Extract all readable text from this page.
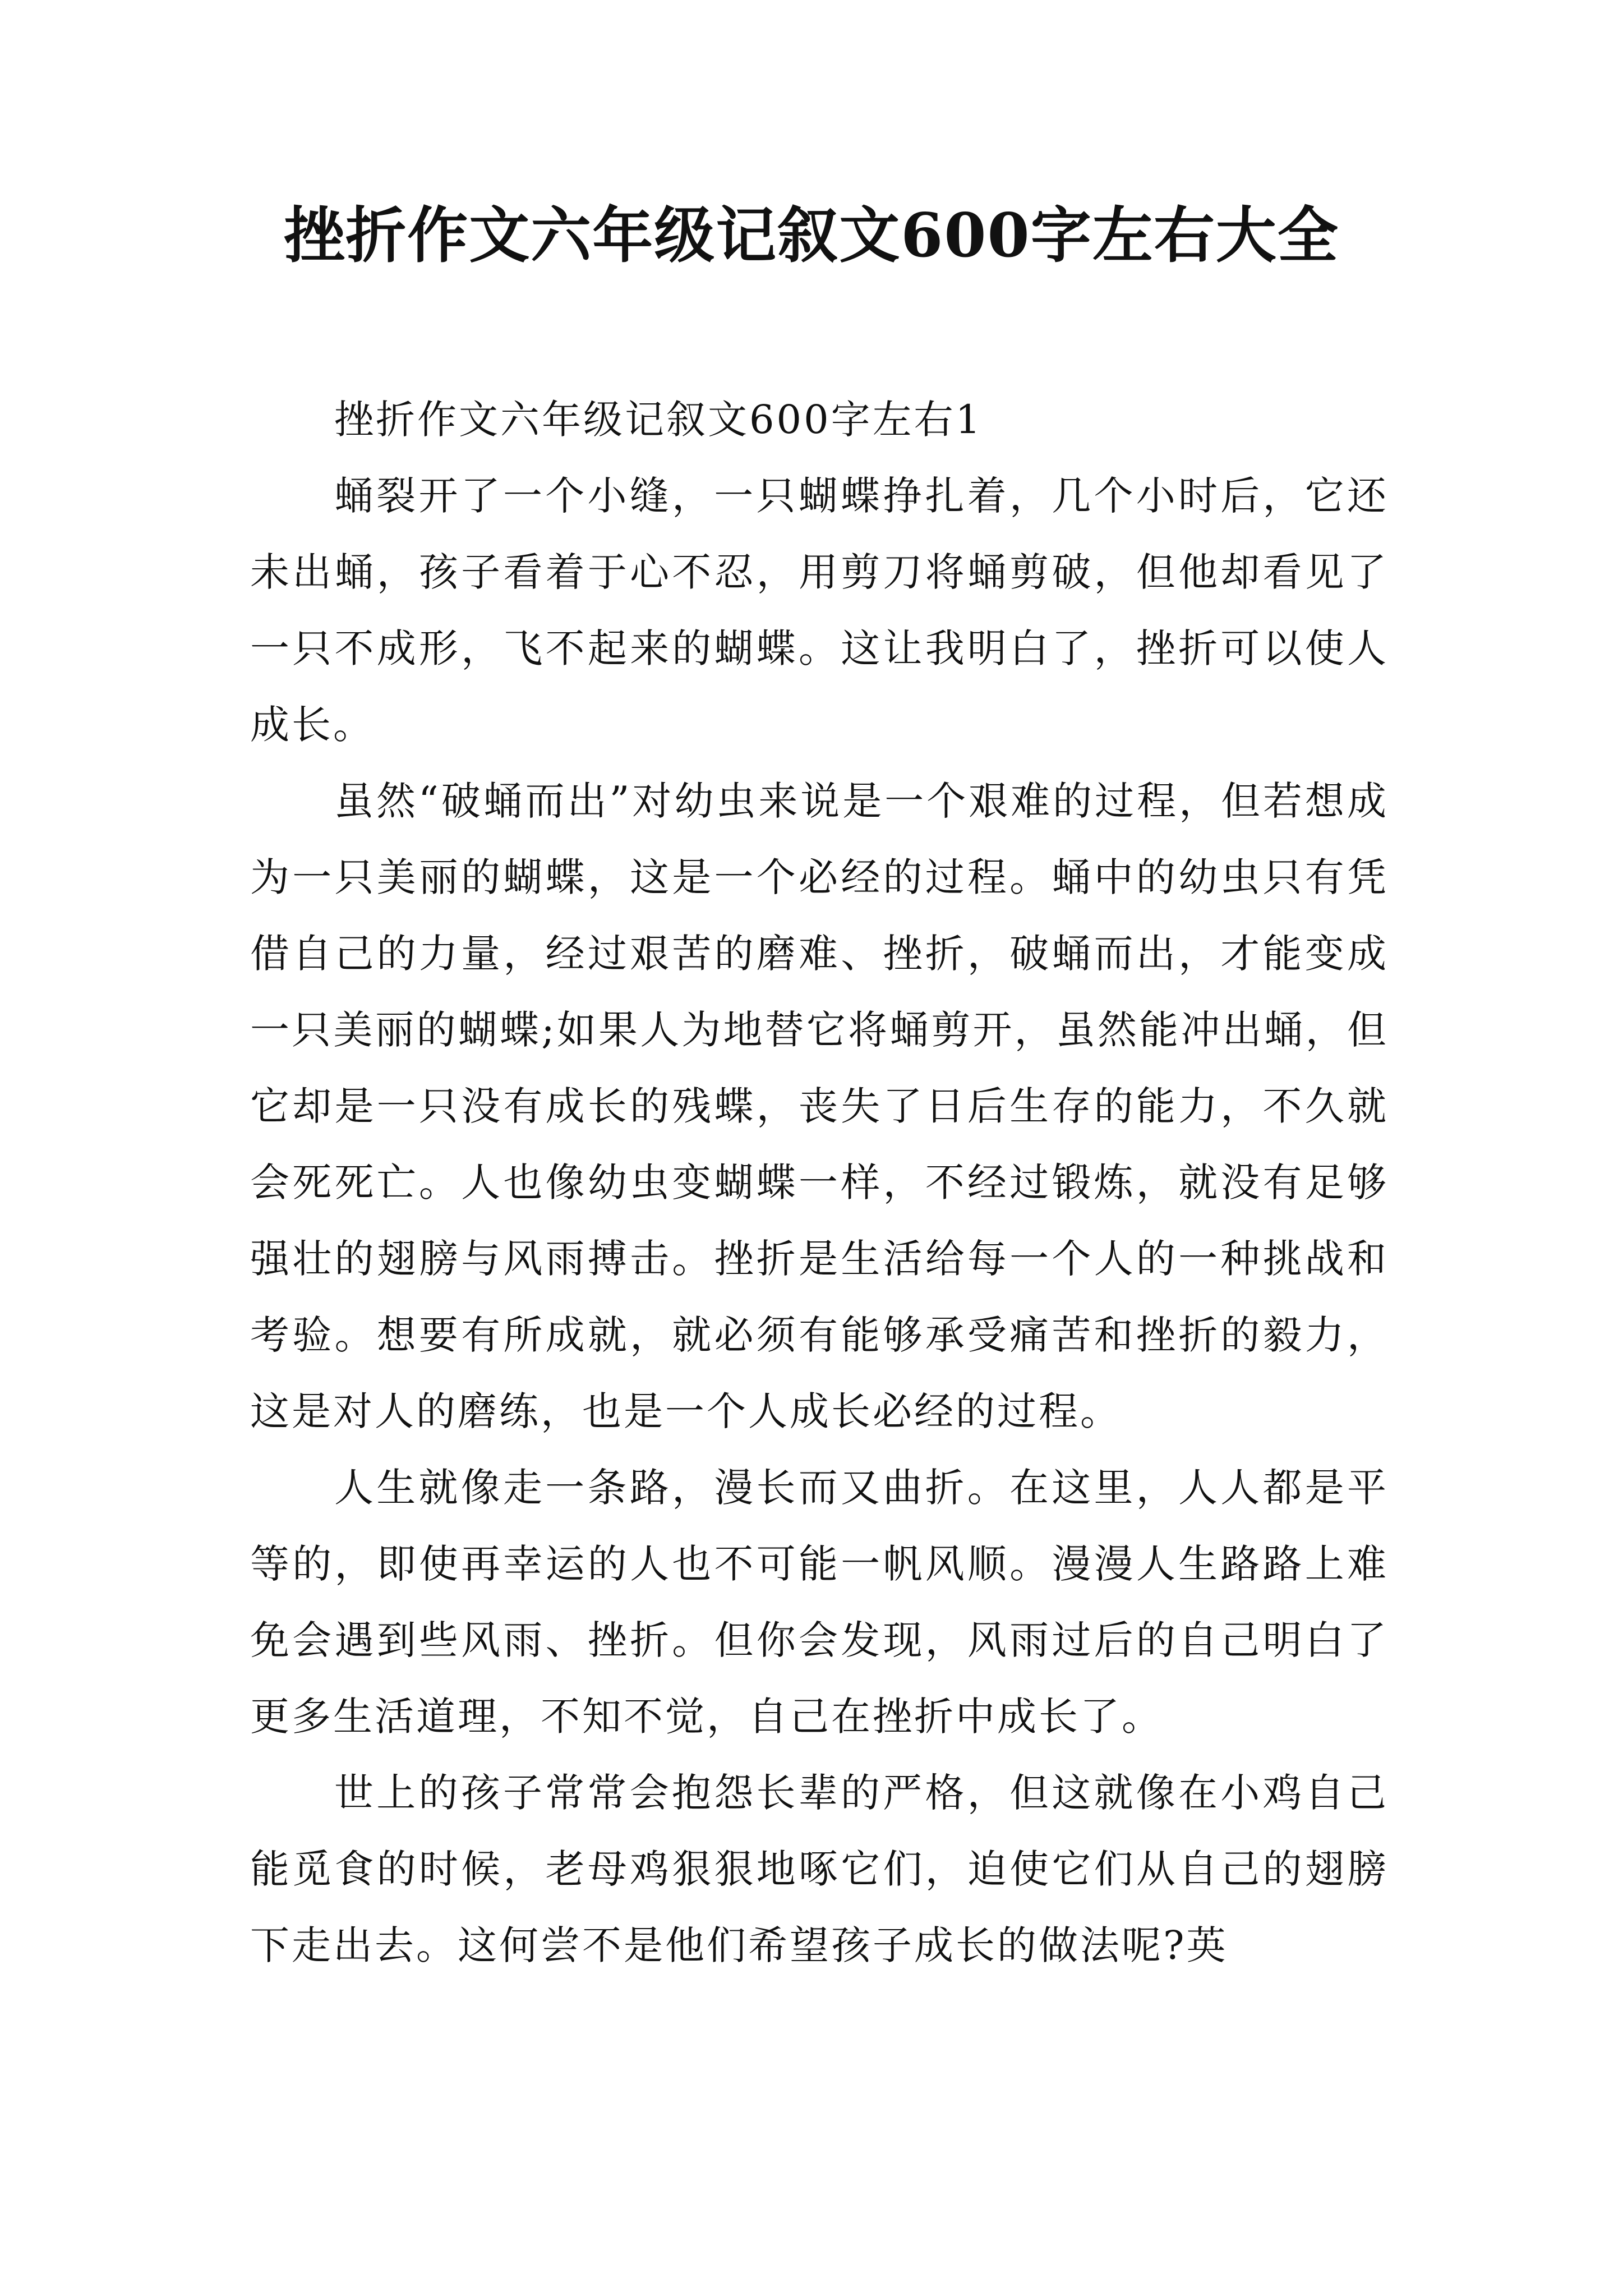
挫折作文六年级记叙文600字左右大全

挫折作文六年级记叙文600字左右1

蛹裂开了一个小缝，一只蝴蝶挣扎着，几个小时后，它还未出蛹，孩子看着于心不忍，用剪刀将蛹剪破，但他却看见了一只不成形，飞不起来的蝴蝶。这让我明白了，挫折可以使人成长。

虽然“破蛹而出”对幼虫来说是一个艰难的过程，但若想成为一只美丽的蝴蝶，这是一个必经的过程。蛹中的幼虫只有凭借自己的力量，经过艰苦的磨难、挫折，破蛹而出，才能变成一只美丽的蝴蝶;如果人为地替它将蛹剪开，虽然能冲出蛹，但它却是一只没有成长的残蝶，丧失了日后生存的能力，不久就会死死亡。人也像幼虫变蝴蝶一样，不经过锻炼，就没有足够强壮的翅膀与风雨搏击。挫折是生活给每一个人的一种挑战和考验。想要有所成就，就必须有能够承受痛苦和挫折的毅力，这是对人的磨练，也是一个人成长必经的过程。

人生就像走一条路，漫长而又曲折。在这里，人人都是平等的，即使再幸运的人也不可能一帆风顺。漫漫人生路路上难免会遇到些风雨、挫折。但你会发现，风雨过后的自己明白了更多生活道理，不知不觉，自己在挫折中成长了。

世上的孩子常常会抱怨长辈的严格，但这就像在小鸡自己能觅食的时候，老母鸡狠狠地啄它们，迫使它们从自己的翅膀下走出去。这何尝不是他们希望孩子成长的做法呢?英
